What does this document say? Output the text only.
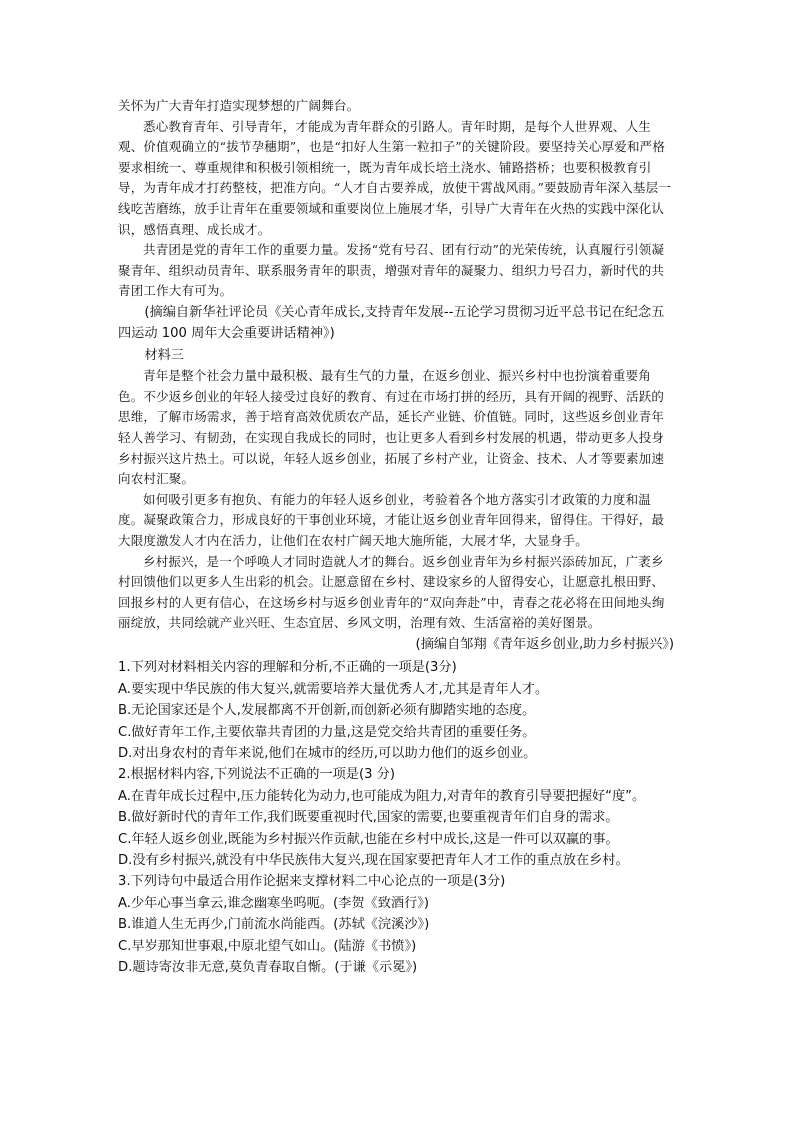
关怀为广大青年打造实现梦想的广阔舞台。

悉心教育青年、引导青年，才能成为青年群众的引路人。青年时期，是每个人世界观、人生观、价值观确立的“拔节孕穗期”，也是“扣好人生第一粒扣子”的关键阶段。要坚持关心厚爱和严格要求相统一、尊重规律和积极引领相统一，既为青年成长培土浇水、铺路搭桥；也要积极教育引导，为青年成才打药整枝，把准方向。“人才自古要养成，放使干霄战风雨。”要鼓励青年深入基层一线吃苦磨练，放手让青年在重要领域和重要岗位上施展才华，引导广大青年在火热的实践中深化认识，感悟真理、成长成才。

共青团是党的青年工作的重要力量。发扬“党有号召、团有行动”的光荣传统，认真履行引领凝聚青年、组织动员青年、联系服务青年的职责，增强对青年的凝聚力、组织力号召力，新时代的共青团工作大有可为。

(摘编自新华社评论员《关心青年成长,支持青年发展--五论学习贯彻习近平总书记在纪念五四运动 100 周年大会重要讲话精神》)

材料三

青年是整个社会力量中最积极、最有生气的力量，在返乡创业、振兴乡村中也扮演着重要角色。不少返乡创业的年轻人接受过良好的教育、有过在市场打拼的经历，具有开阔的视野、活跃的思维，了解市场需求，善于培育高效优质农产品，延长产业链、价值链。同时，这些返乡创业青年轻人善学习、有韧劲，在实现自我成长的同时，也让更多人看到乡村发展的机遇，带动更多人投身乡村振兴这片热土。可以说，年轻人返乡创业，拓展了乡村产业，让资金、技术、人才等要素加速向农村汇聚。

如何吸引更多有抱负、有能力的年轻人返乡创业，考验着各个地方落实引才政策的力度和温度。凝聚政策合力，形成良好的干事创业环境，才能让返乡创业青年回得来，留得住。干得好，最大限度激发人才内在活力，让他们在农村广阔天地大施所能，大展才华，大显身手。

乡村振兴，是一个呼唤人才同时造就人才的舞台。返乡创业青年为乡村振兴添砖加瓦，广袤乡村回馈他们以更多人生出彩的机会。让愿意留在乡村、建设家乡的人留得安心，让愿意扎根田野、回报乡村的人更有信心，在这场乡村与返乡创业青年的“双向奔赴”中，青春之花必将在田间地头绚丽绽放，共同绘就产业兴旺、生态宜居、乡风文明，治理有效、生活富裕的美好图景。

(摘编自邹翔《青年返乡创业,助力乡村振兴》)

1.下列对材料相关内容的理解和分析,不正确的一项是(3分)

A.要实现中华民族的伟大复兴,就需要培养大量优秀人才,尤其是青年人才。

B.无论国家还是个人,发展都离不开创新,而创新必须有脚踏实地的态度。

C.做好青年工作,主要依靠共青团的力量,这是党交给共青团的重要任务。

D.对出身农村的青年来说,他们在城市的经历,可以助力他们的返乡创业。

2.根据材料内容,下列说法不正确的一项是(3 分)

A.在青年成长过程中,压力能转化为动力,也可能成为阻力,对青年的教育引导要把握好“度”。

B.做好新时代的青年工作,我们既要重视时代,国家的需要,也要重视青年们自身的需求。

C.年轻人返乡创业,既能为乡村振兴作贡献,也能在乡村中成长,这是一件可以双赢的事。

D.没有乡村振兴,就没有中华民族伟大复兴,现在国家要把青年人才工作的重点放在乡村。

3.下列诗句中最适合用作论据来支撑材料二中心论点的一项是(3分)

A.少年心事当拿云,谁念幽寒坐呜呃。(李贺《致酒行》)

B.谁道人生无再少,门前流水尚能西。(苏轼《浣溪沙》)

C.早岁那知世事艰,中原北望气如山。(陆游《书愤》)

D.题诗寄汝非无意,莫负青春取自惭。(于谦《示冕》)
